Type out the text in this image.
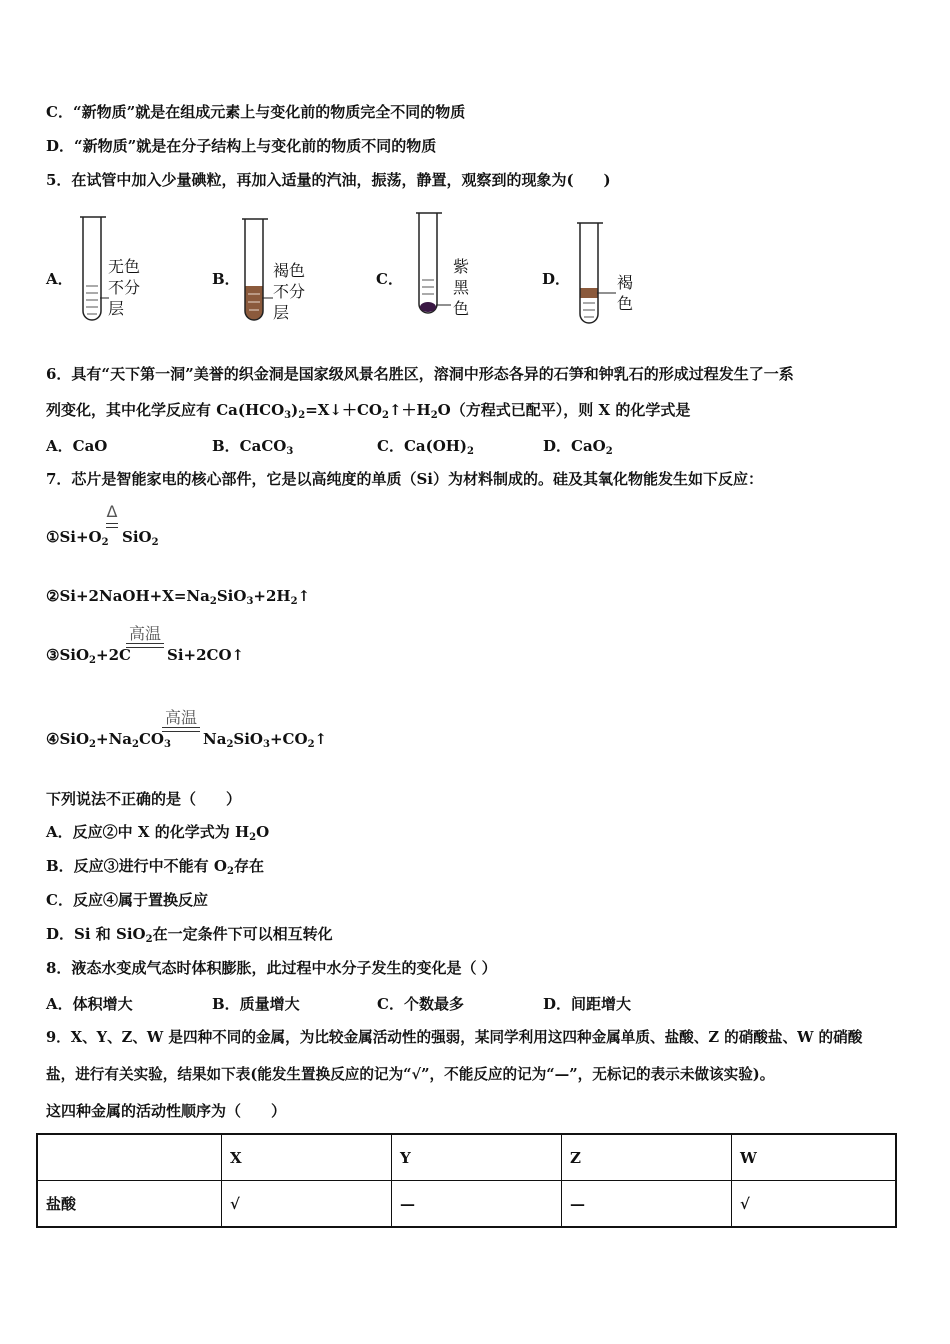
C．“新物质”就是在组成元素上与变化前的物质完全不同的物质
D．“新物质”就是在分子结构上与变化前的物质不同的物质
5．在试管中加入少量碘粒，再加入适量的汽油，振荡，静置，观察到的现象为(　　)
A．
无色
不分
层
B． 褐色
不分
层
C．
紫
黑
色
D．	褐
色
6．具有“天下第一洞”美誉的织金洞是国家级风景名胜区，溶洞中形态各异的石笋和钟乳石的形成过程发生了一系
列变化，其中化学反应有 $Ca(HCO_3)_2=X↓+CO_2↑+H_2O$（方程式已配平），则 X 的化学式是
A．CaO	B．CaCO$_3$	C．$Ca(OH)_2$	D．CaO$_2$
7．芯片是智能家电的核心部件，它是以高纯度的单质（Si）为材料制成的。硅及其氧化物能发生如下反应：
$①Si+O_2$
Δ
SiO$_2$
$②Si+2NaOH+X=Na_2SiO_3+2H_2↑$
③SiO$_2$+2C
高温
Si+2CO↑
$④SiO_2+Na_2CO_3$
高温
$Na_2SiO_3+CO_2↑$
下列说法不正确的是（　　）
A．反应②中 X 的化学式为 $H_2O$
B．反应③进行中不能有 $O_2$存在
C．反应④属于置换反应
D．Si 和 SiO$_2$在一定条件下可以相互转化
8．液态水变成气态时体积膨胀，此过程中水分子发生的变化是（ ）
A．体积增大	B．质量增大	C．个数最多	D．间距增大
9．X、Y、Z、W 是四种不同的金属，为比较金属活动性的强弱，某同学利用这四种金属单质、盐酸、Z 的硝酸盐、W 的硝酸
盐，进行有关实验，结果如下表(能发生置换反应的记为“√”，不能反应的记为“—”，无标记的表示未做该实验)。
这四种金属的活动性顺序为（　　）
	X	Y	Z	W
盐酸	√	—	—	√
